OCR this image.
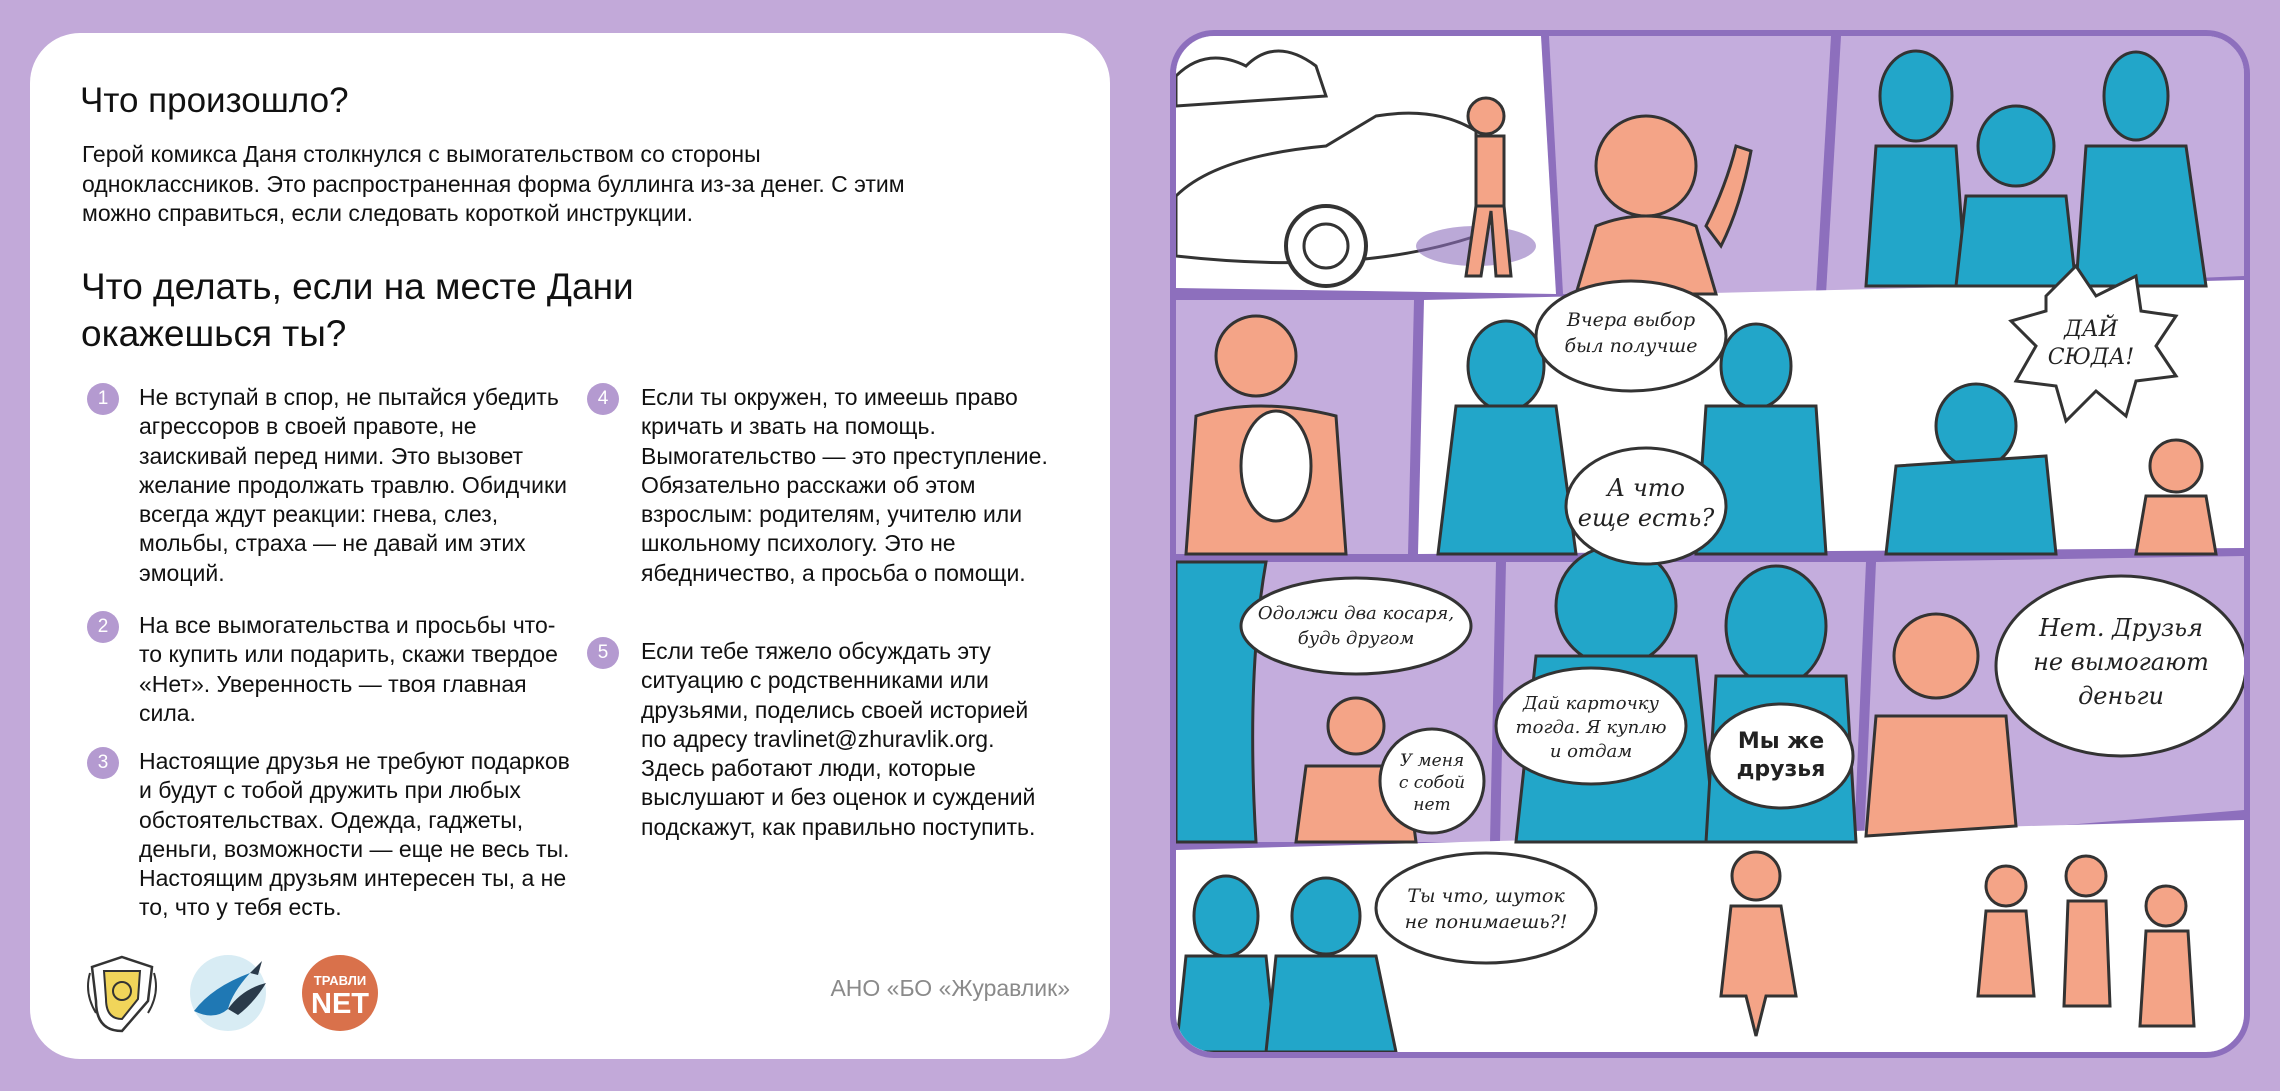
Что произошло?
Герой комикса Даня столкнулся с вымогательством со стороны одноклассников. Это распространенная форма буллинга из-за денег. С этим можно справиться, если следовать короткой инструкции.
Что делать, если на месте Дани окажешься ты?
1	Не вступай в спор, не пытайся убедить агрессоров в своей правоте, не заискивай перед ними. Это вызовет желание продолжать травлю. Обидчики всегда ждут реакции: гнева, слез, мольбы, страха — не давай им этих эмоций.
2	На все вымогательства и просьбы что-то купить или подарить, скажи твердое «Нет». Уверенность — твоя главная сила.
3	Настоящие друзья не требуют подарков и будут с тобой дружить при любых обстоятельствах. Одежда, гаджеты, деньги, возможности — еще не весь ты. Настоящим друзьям интересен ты, а не то, что у тебя есть.
4	Если ты окружен, то имеешь право кричать и звать на помощь. Вымогательство — это преступление. Обязательно расскажи об этом взрослым: родителям, учителю или школьному психологу. Это не ябедничество, а просьба о помощи.
5	Если тебе тяжело обсуждать эту ситуацию с родственниками или друзьями, поделись своей историей по адресу travlinet@zhuravlik.org. Здесь работают люди, которые выслушают и без оценок и суждений подскажут, как правильно поступить.
ТРАВЛИ
NET	АНО «БО «Журавлик»
Вчера выбор
был получше
ДАЙ
СЮДА!
А что
еще есть?
Одолжи два косаря,
будь другом
Дай карточку
тогда. Я куплю
и отдам	Мы же
друзья
У меня
с собой
нет
Нет. Друзья
не вымогают
деньги
Ты что, шуток
не понимаешь?!
